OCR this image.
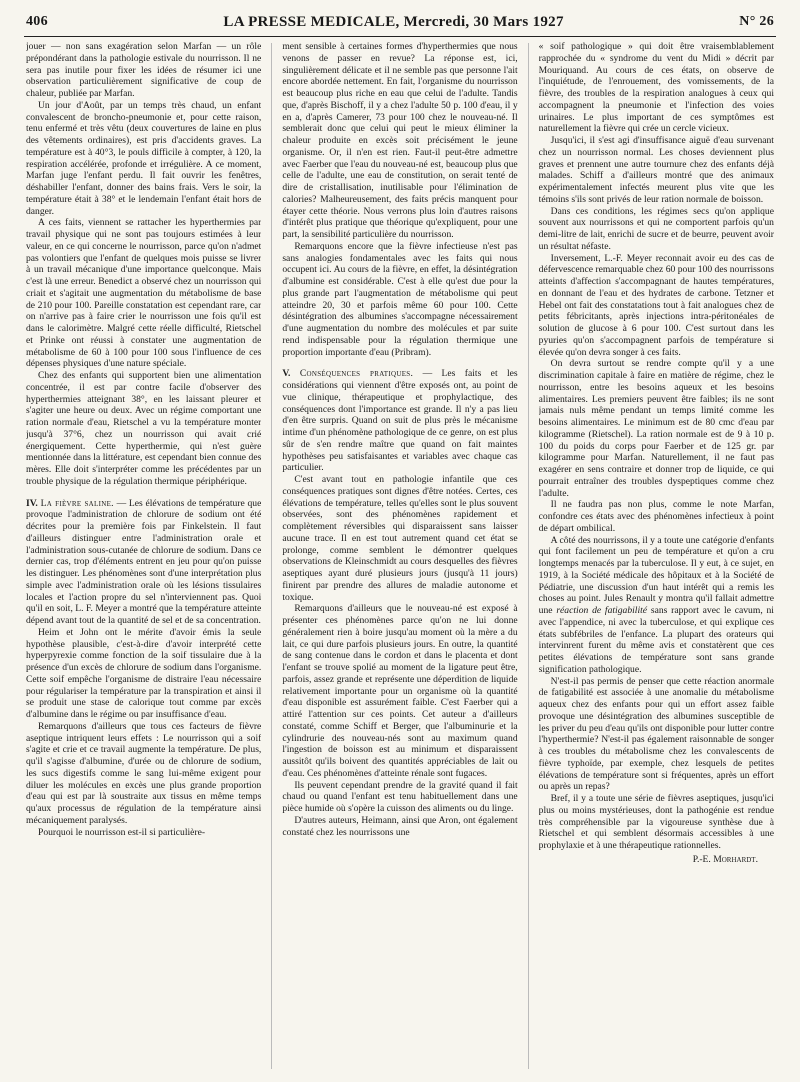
406	LA PRESSE MEDICALE, Mercredi, 30 Mars 1927	N° 26

jouer — non sans exagération selon Marfan — un rôle prépondérant dans la pathologie estivale du nourrisson. Il ne sera pas inutile pour fixer les idées de résumer ici une observation particulièrement significative de coup de chaleur, publiée par Marfan.

Un jour d'Août, par un temps très chaud, un enfant convalescent de broncho-pneumonie et, pour cette raison, tenu enfermé et très vêtu (deux couvertures de laine en plus des vêtements ordinaires), est pris d'accidents graves. La température est à 40°3, le pouls difficile à compter, à 120, la respiration accélérée, profonde et irrégulière. A ce moment, Marfan juge l'enfant perdu. Il fait ouvrir les fenêtres, déshabiller l'enfant, donner des bains frais. Vers le soir, la température était à 38° et le lendemain l'enfant était hors de danger.

A ces faits, viennent se rattacher les hyperthermies par travail physique qui ne sont pas toujours estimées à leur valeur, en ce qui concerne le nourrisson, parce qu'on n'admet pas volontiers que l'enfant de quelques mois puisse se livrer à un travail mécanique d'une importance quelconque. Mais c'est là une erreur. Benedict a observé chez un nourrisson qui criait et s'agitait une augmentation du métabolisme de base de 210 pour 100. Pareille constatation est cependant rare, car on n'arrive pas à faire crier le nourrisson une fois qu'il est dans le calorimètre. Malgré cette réelle difficulté, Rietschel et Prinke ont réussi à constater une augmentation de métabolisme de 60 à 100 pour 100 sous l'influence de ces dépenses physiques d'une nature spéciale.

Chez des enfants qui supportent bien une alimentation concentrée, il est par contre facile d'observer des hyperthermies atteignant 38°, en les laissant pleurer et s'agiter une heure ou deux. Avec un régime comportant une ration normale d'eau, Rietschel a vu la température monter jusqu'à 37°6, chez un nourrisson qui avait crié énergiquement. Cette hyperthermie, qui n'est guère mentionnée dans la littérature, est cependant bien connue des mères. Elle doit s'interpréter comme les précédentes par un trouble physique de la régulation thermique périphérique.

IV. La fièvre saline. — Les élévations de température que provoque l'administration de chlorure de sodium ont été décrites pour la première fois par Finkelstein. Il faut d'ailleurs distinguer entre l'administration orale et l'administration sous-cutanée de chlorure de sodium. Dans ce dernier cas, trop d'éléments entrent en jeu pour qu'on puisse les distinguer. Les phénomènes sont d'une interprétation plus simple avec l'administration orale où les lésions tissulaires locales et l'action propre du sel n'interviennent pas. Quoi qu'il en soit, L. F. Meyer a montré que la température atteinte dépend avant tout de la quantité de sel et de sa concentration.

Heim et John ont le mérite d'avoir émis la seule hypothèse plausible, c'est-à-dire d'avoir interprété cette hyperpyrexie comme fonction de la soif tissulaire due à la présence d'un excès de chlorure de sodium dans l'organisme. Cette soif empêche l'organisme de distraire l'eau nécessaire pour régulariser la température par la transpiration et ainsi il se produit une stase de calorique tout comme par excès d'albumine dans le régime ou par insuffisance d'eau.

Remarquons d'ailleurs que tous ces facteurs de fièvre aseptique intriquent leurs effets : Le nourrisson qui a soif s'agite et crie et ce travail augmente la température. De plus, qu'il s'agisse d'albumine, d'urée ou de chlorure de sodium, les sucs digestifs comme le sang lui-même exigent pour diluer les molécules en excès une plus grande proportion d'eau qui est par là soustraite aux tissus en même temps qu'aux processus de régulation de la température ainsi mécaniquement paralysés.

Pourquoi le nourrisson est-il si particulière-

ment sensible à certaines formes d'hyperthermies que nous venons de passer en revue? La réponse est, ici, singulièrement délicate et il ne semble pas que personne l'ait encore abordée nettement. En fait, l'organisme du nourrisson est beaucoup plus riche en eau que celui de l'adulte. Tandis que, d'après Bischoff, il y a chez l'adulte 50 p. 100 d'eau, il y en a, d'après Camerer, 73 pour 100 chez le nouveau-né. Il semblerait donc que celui qui peut le mieux éliminer la chaleur produite en excès soit précisément le jeune organisme. Or, il n'en est rien. Faut-il peut-être admettre avec Faerber que l'eau du nouveau-né est, beaucoup plus que celle de l'adulte, une eau de constitution, on serait tenté de dire de cristallisation, inutilisable pour l'élimination de calories? Malheureusement, des faits précis manquent pour étayer cette théorie. Nous verrons plus loin d'autres raisons d'intérêt plus pratique que théorique qu'expliquent, pour une part, la sensibilité particulière du nourrisson.

Remarquons encore que la fièvre infectieuse n'est pas sans analogies fondamentales avec les faits qui nous occupent ici. Au cours de la fièvre, en effet, la désintégration d'albumine est considérable. C'est à elle qu'est due pour la plus grande part l'augmentation de métabolisme qui peut atteindre 20, 30 et parfois même 60 pour 100. Cette désintégration des albumines s'accompagne nécessairement d'une augmentation du nombre des molécules et par suite rend indispensable pour la régulation thermique une proportion importante d'eau (Pribram).

V. Conséquences pratiques. — Les faits et les considérations qui viennent d'être exposés ont, au point de vue clinique, thérapeutique et prophylactique, des conséquences dont l'importance est grande. Il n'y a pas lieu d'en être surpris. Quand on suit de plus près le mécanisme intime d'un phénomène pathologique de ce genre, on est plus sûr de s'en rendre maître que quand on fait maintes hypothèses peu satisfaisantes et variables avec chaque cas particulier.

C'est avant tout en pathologie infantile que ces conséquences pratiques sont dignes d'être notées. Certes, ces élévations de température, telles qu'elles sont le plus souvent observées, sont des phénomènes rapidement et complètement réversibles qui disparaissent sans laisser aucune trace. Il en est tout autrement quand cet état se prolonge, comme semblent le démontrer quelques observations de Kleinschmidt au cours desquelles des fièvres aseptiques ayant duré plusieurs jours (jusqu'à 11 jours) finirent par prendre des allures de maladie autonome et toxique.

Remarquons d'ailleurs que le nouveau-né est exposé à présenter ces phénomènes parce qu'on ne lui donne généralement rien à boire jusqu'au moment où la mère a du lait, ce qui dure parfois plusieurs jours. En outre, la quantité de sang contenue dans le cordon et dans le placenta et dont l'enfant se trouve spolié au moment de la ligature peut être, parfois, assez grande et représente une déperdition de liquide relativement importante pour un organisme où la quantité d'eau disponible est assurément faible. C'est Faerber qui a attiré l'attention sur ces points. Cet auteur a d'ailleurs constaté, comme Schiff et Berger, que l'albuminurie et la cylindrurie des nouveau-nés sont au maximum quand l'ingestion de boisson est au minimum et disparaissent aussitôt qu'ils boivent des quantités appréciables de lait ou d'eau. Ces phénomènes d'atteinte rénale sont fugaces.

Ils peuvent cependant prendre de la gravité quand il fait chaud ou quand l'enfant est tenu habituellement dans une pièce humide où s'opère la cuisson des aliments ou du linge.

D'autres auteurs, Heimann, ainsi que Aron, ont également constaté chez les nourrissons une

« soif pathologique » qui doit être vraisemblablement rapprochée du « syndrome du vent du Midi » décrit par Mouriquand. Au cours de ces états, on observe de l'inquiétude, de l'enrouement, des vomissements, de la fièvre, des troubles de la respiration analogues à ceux qui accompagnent la pneumonie et l'infection des voies urinaires. Le plus important de ces symptômes est naturellement la fièvre qui crée un cercle vicieux.

Jusqu'ici, il s'est agi d'insuffisance aiguë d'eau survenant chez un nourrisson normal. Les choses deviennent plus graves et prennent une autre tournure chez des enfants déjà malades. Schiff a d'ailleurs montré que des animaux expérimentalement infectés meurent plus vite que les témoins s'ils sont privés de leur ration normale de boisson.

Dans ces conditions, les régimes secs qu'on applique souvent aux nourrissons et qui ne comportent parfois qu'un demi-litre de lait, enrichi de sucre et de beurre, peuvent avoir un résultat néfaste.

Inversement, L.-F. Meyer reconnait avoir eu des cas de défervescence remarquable chez 60 pour 100 des nourrissons atteints d'affection s'accompagnant de hautes températures, en donnant de l'eau et des hydrates de carbone. Tetzner et Hebel ont fait des constatations tout à fait analogues chez de petits fébricitants, après injections intra-péritonéales de solution de glucose à 6 pour 100. C'est surtout dans les pyuries qu'on s'accompagnent parfois de température si élevée qu'on devra songer à ces faits.

On devra surtout se rendre compte qu'il y a une discrimination capitale à faire en matière de régime, chez le nourrisson, entre les besoins aqueux et les besoins alimentaires. Les premiers peuvent être faibles; ils ne sont jamais nuls même pendant un temps limité comme les besoins alimentaires. Le minimum est de 80 cmc d'eau par kilogramme (Rietschel). La ration normale est de 9 à 10 p. 100 du poids du corps pour Faerber et de 125 gr. par kilogramme pour Marfan. Naturellement, il ne faut pas exagérer en sens contraire et donner trop de liquide, ce qui pourrait entraîner des troubles dyspeptiques comme chez l'adulte.

Il ne faudra pas non plus, comme le note Marfan, confondre ces états avec des phénomènes infectieux à point de départ ombilical.

A côté des nourrissons, il y a toute une catégorie d'enfants qui font facilement un peu de température et qu'on a cru longtemps menacés par la tuberculose. Il y eut, à ce sujet, en 1919, à la Société médicale des hôpitaux et à la Société de Pédiatrie, une discussion d'un haut intérêt qui a remis les choses au point. Jules Renault y montra qu'il fallait admettre une réaction de fatigabilité sans rapport avec le cavum, ni avec l'appendice, ni avec la tuberculose, et qui explique ces états subfébriles de l'enfance. La plupart des orateurs qui intervinrent furent du même avis et constatèrent que ces petites élévations de température sont sans grande signification pathologique.

N'est-il pas permis de penser que cette réaction anormale de fatigabilité est associée à une anomalie du métabolisme aqueux chez des enfants pour qui un effort assez faible provoque une désintégration des albumines susceptible de les priver du peu d'eau qu'ils ont disponible pour lutter contre l'hyperthermie? N'est-il pas également raisonnable de songer à ces troubles du métabolisme chez les convalescents de fièvre typhoïde, par exemple, chez lesquels de petites élévations de température sont si fréquentes, après un effort ou après un repas?

Bref, il y a toute une série de fièvres aseptiques, jusqu'ici plus ou moins mystérieuses, dont la pathogénie est rendue très compréhensible par la vigoureuse synthèse due à Rietschel et qui semblent désormais accessibles à une prophylaxie et à une thérapeutique rationnelles.

P.-E. Morhardt.
